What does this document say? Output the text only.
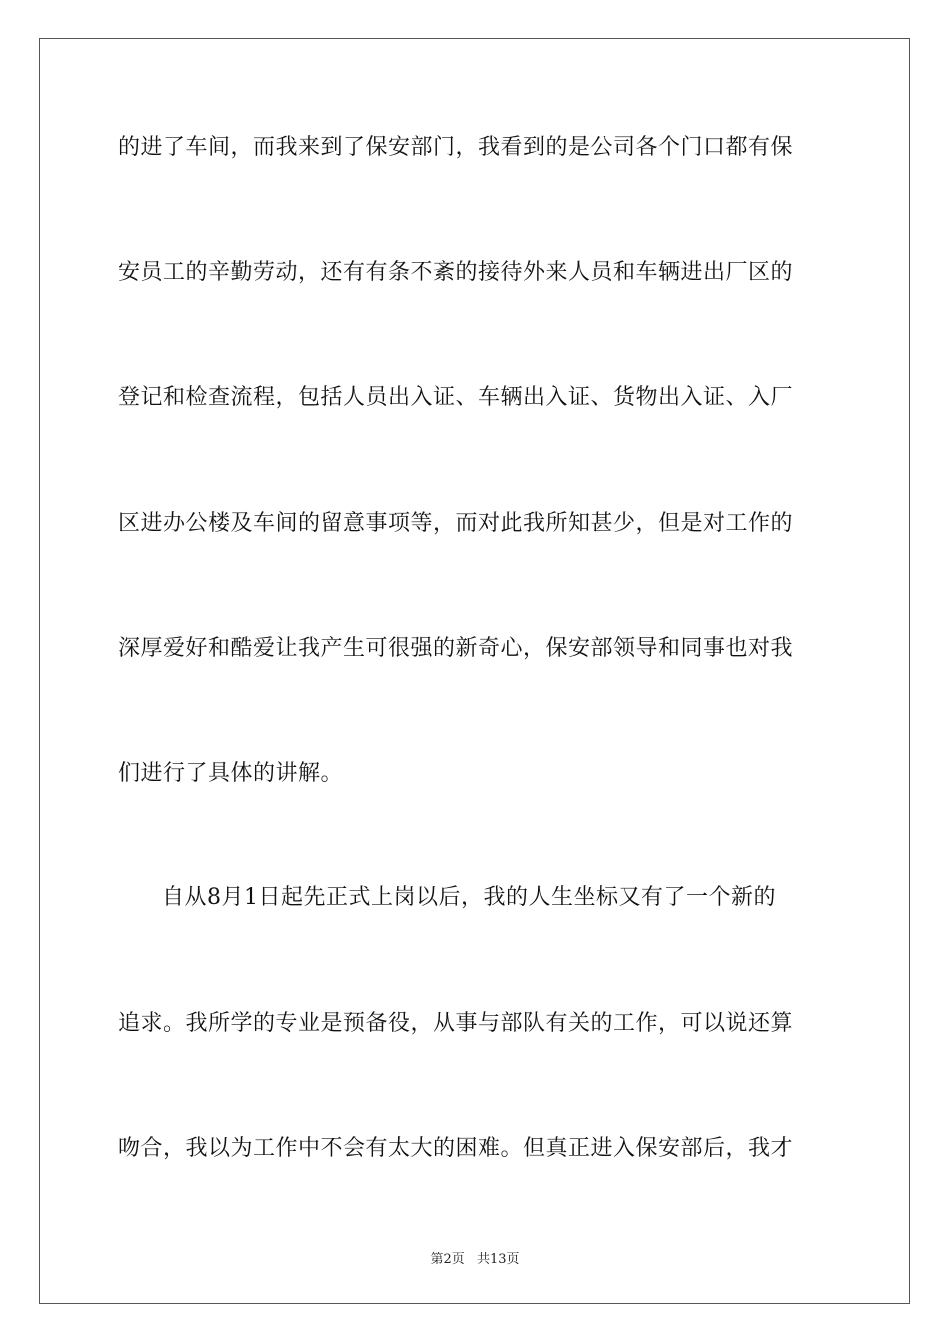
的进了车间，而我来到了保安部门，我看到的是公司各个门口都有保
安员工的辛勤劳动，还有有条不紊的接待外来人员和车辆进出厂区的
登记和检查流程，包括人员出入证、车辆出入证、货物出入证、入厂
区进办公楼及车间的留意事项等，而对此我所知甚少，但是对工作的
深厚爱好和酷爱让我产生可很强的新奇心，保安部领导和同事也对我
们进行了具体的讲解。
自从8月1日起先正式上岗以后，我的人生坐标又有了一个新的
追求。我所学的专业是预备役，从事与部队有关的工作，可以说还算
吻合，我以为工作中不会有太大的困难。但真正进入保安部后，我才
第2页 共13页
